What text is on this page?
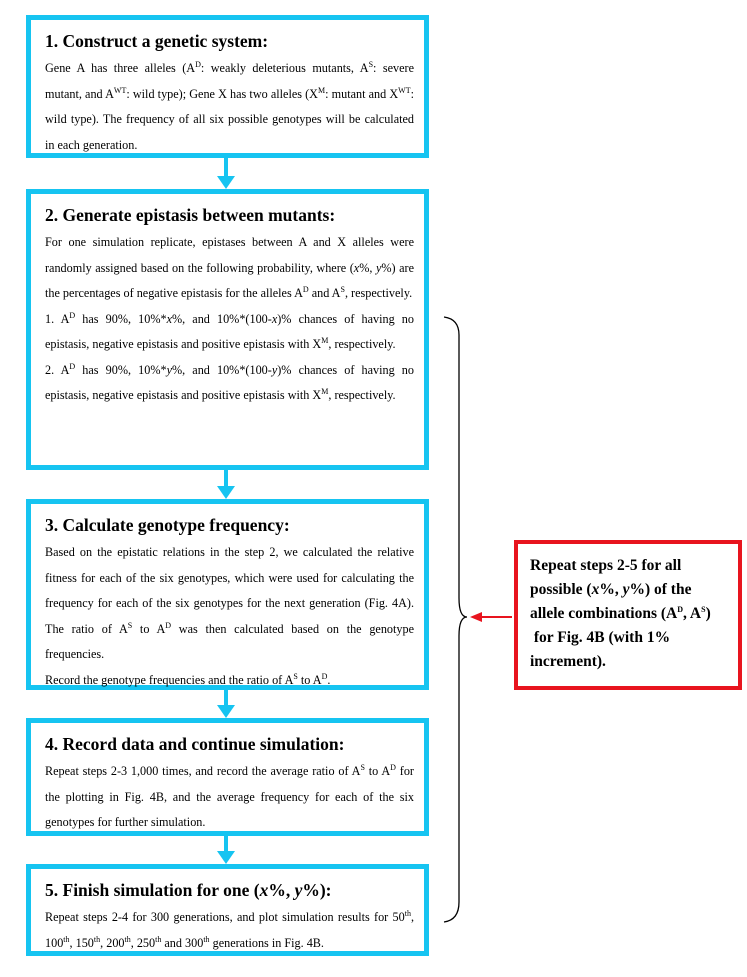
1. Construct a genetic system:

Gene A has three alleles ($A^D$: weakly deleterious mutants, $A^S$: severe mutant, and $A^{WT}$: wild type); Gene X has two alleles ($X^M$: mutant and $X^{WT}$: wild type). The frequency of all six possible genotypes will be calculated in each generation.

2. Generate epistasis between mutants:

For one simulation replicate, epistases between A and X alleles were randomly assigned based on the following probability, where (x%, y%) are the percentages of negative epistasis for the alleles $A^D$ and $A^S$, respectively.

1. $A^D$ has 90%, 10%*x%, and 10%*(100-x)% chances of having no epistasis, negative epistasis and positive epistasis with $X^M$, respectively.

2. $A^D$ has 90%, 10%*y%, and 10%*(100-y)% chances of having no epistasis, negative epistasis and positive epistasis with $X^M$, respectively.

3. Calculate genotype frequency:

Based on the epistatic relations in the step 2, we calculated the relative fitness for each of the six genotypes, which were used for calculating the frequency for each of the six genotypes for the next generation (Fig. 4A). The ratio of $A^S$ to $A^D$ was then calculated based on the genotype frequencies.

Record the genotype frequencies and the ratio of $A^S$ to $A^D$.

4. Record data and continue simulation:

Repeat steps 2-3 1,000 times, and record the average ratio of $A^S$ to $A^D$ for the plotting in Fig. 4B, and the average frequency for each of the six genotypes for further simulation.

5. Finish simulation for one (x%, y%):

Repeat steps 2-4 for 300 generations, and plot simulation results for 50th, 100th, 150th, 200th, 250th and 300th generations in Fig. 4B.

Repeat steps 2-5 for all possible (x%, y%) of the allele combinations ($A^D$, $A^S$)  for Fig. 4B (with 1% increment).
